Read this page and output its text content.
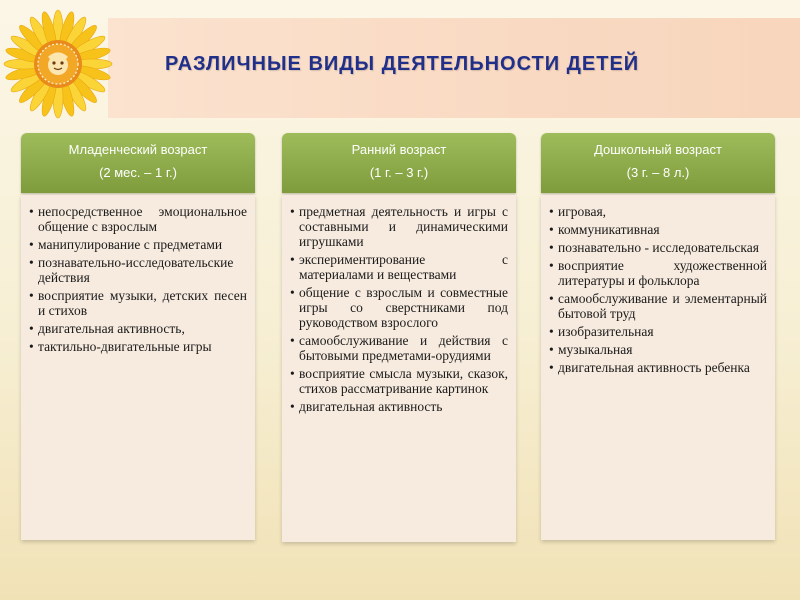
РАЗЛИЧНЫЕ ВИДЫ ДЕЯТЕЛЬНОСТИ ДЕТЕЙ
Младенческий возраст
(2 мес. – 1 г.)
• непосредственное эмоциональное общение с взрослым
• манипулирование с предметами
• познавательно-исследовательские действия
• восприятие музыки, детских песен и стихов
• двигательная активность,
• тактильно-двигательные игры
Ранний возраст
(1 г. – 3 г.)
• предметная деятельность и игры с составными и динамическими игрушками
• экспериментирование с материалами и веществами
• общение с взрослым и совместные игры со сверстниками под руководством взрослого
• самообслуживание и действия с бытовыми предметами-орудиями
• восприятие смысла музыки, сказок, стихов рассматривание картинок
• двигательная активность
Дошкольный возраст
(3 г. – 8 л.)
• игровая,
• коммуникативная
• познавательно - исследовательская
• восприятие художественной литературы и фольклора
• самообслуживание и элементарный бытовой труд
• изобразительная
• музыкальная
• двигательная активность ребенка
